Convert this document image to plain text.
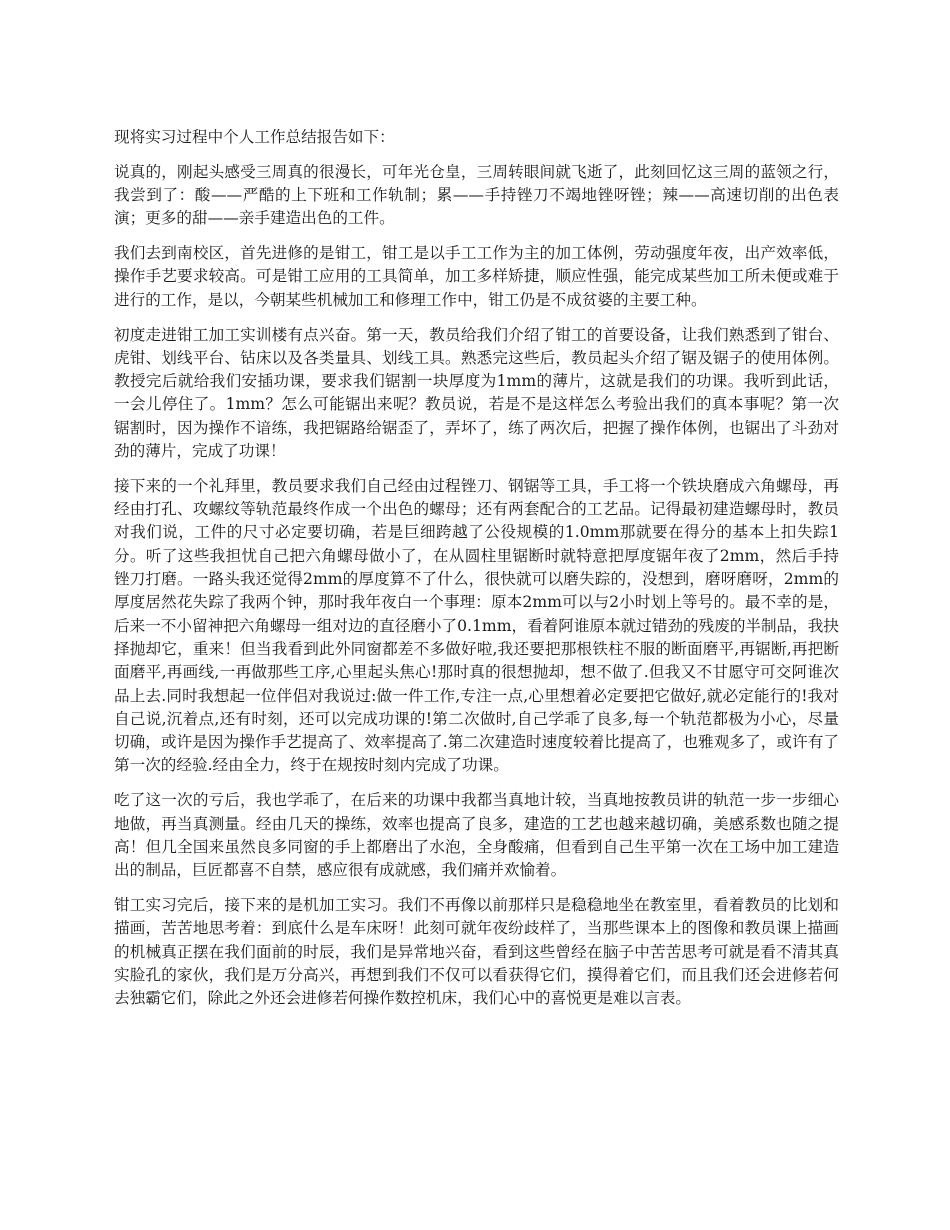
现将实习过程中个人工作总结报告如下：

说真的，刚起头感受三周真的很漫长，可年光仓皇，三周转眼间就飞逝了，此刻回忆这三周的蓝领之行，我尝到了：酸——严酷的上下班和工作轨制；累——手持锉刀不竭地锉呀锉；辣——高速切削的出色表演；更多的甜——亲手建造出色的工件。

我们去到南校区，首先进修的是钳工，钳工是以手工工作为主的加工体例，劳动强度年夜，出产效率低，操作手艺要求较高。可是钳工应用的工具简单，加工多样矫捷，顺应性强，能完成某些加工所未便或难于进行的工作，是以，今朝某些机械加工和修理工作中，钳工仍是不成贫婆的主要工种。

初度走进钳工加工实训楼有点兴奋。第一天，教员给我们介绍了钳工的首要设备，让我们熟悉到了钳台、虎钳、划线平台、钻床以及各类量具、划线工具。熟悉完这些后，教员起头介绍了锯及锯子的使用体例。教授完后就给我们安插功课，要求我们锯割一块厚度为1mm的薄片，这就是我们的功课。我听到此话，一会儿停住了。1mm？怎么可能锯出来呢？教员说，若是不是这样怎么考验出我们的真本事呢？第一次锯割时，因为操作不谙练，我把锯路给锯歪了，弄坏了，练了两次后，把握了操作体例，也锯出了斗劲对劲的薄片，完成了功课！

接下来的一个礼拜里，教员要求我们自己经由过程锉刀、钢锯等工具，手工将一个铁块磨成六角螺母，再经由打孔、攻螺纹等轨范最终作成一个出色的螺母；还有两套配合的工艺品。记得最初建造螺母时，教员对我们说，工件的尺寸必定要切确，若是巨细跨越了公役规模的1.0mm那就要在得分的基本上扣失踪1分。听了这些我担忧自己把六角螺母做小了，在从圆柱里锯断时就特意把厚度锯年夜了2mm，然后手持锉刀打磨。一路头我还觉得2mm的厚度算不了什么，很快就可以磨失踪的，没想到，磨呀磨呀，2mm的厚度居然花失踪了我两个钟，那时我年夜白一个事理：原本2mm可以与2小时划上等号的。最不幸的是，后来一不小留神把六角螺母一组对边的直径磨小了0.1mm，看着阿谁原本就过错劲的残废的半制品，我抉择抛却它，重来！但当我看到此外同窗都差不多做好啦,我还要把那根铁柱不服的断面磨平,再锯断,再把断面磨平,再画线,一再做那些工序,心里起头焦心!那时真的很想抛却，想不做了.但我又不甘愿守可交阿谁次品上去.同时我想起一位伴侣对我说过:做一件工作,专注一点,心里想着必定要把它做好,就必定能行的!我对自己说,沉着点,还有时刻，还可以完成功课的!第二次做时,自己学乖了良多,每一个轨范都极为小心，尽量切确，或许是因为操作手艺提高了、效率提高了.第二次建造时速度较着比提高了，也雅观多了，或许有了第一次的经验.经由全力，终于在规按时刻内完成了功课。

吃了这一次的亏后，我也学乖了，在后来的功课中我都当真地计较，当真地按教员讲的轨范一步一步细心地做，再当真测量。经由几天的操练，效率也提高了良多，建造的工艺也越来越切确，美感系数也随之提高！但几全国来虽然良多同窗的手上都磨出了水泡，全身酸痛，但看到自己生平第一次在工场中加工建造出的制品，巨匠都喜不自禁，感应很有成就感，我们痛并欢愉着。

钳工实习完后，接下来的是机加工实习。我们不再像以前那样只是稳稳地坐在教室里，看着教员的比划和描画，苦苦地思考着：到底什么是车床呀！此刻可就年夜纷歧样了，当那些课本上的图像和教员课上描画的机械真正摆在我们面前的时辰，我们是异常地兴奋，看到这些曾经在脑子中苦苦思考可就是看不清其真实脸孔的家伙，我们是万分高兴，再想到我们不仅可以看获得它们，摸得着它们，而且我们还会进修若何去独霸它们，除此之外还会进修若何操作数控机床，我们心中的喜悦更是难以言表。
